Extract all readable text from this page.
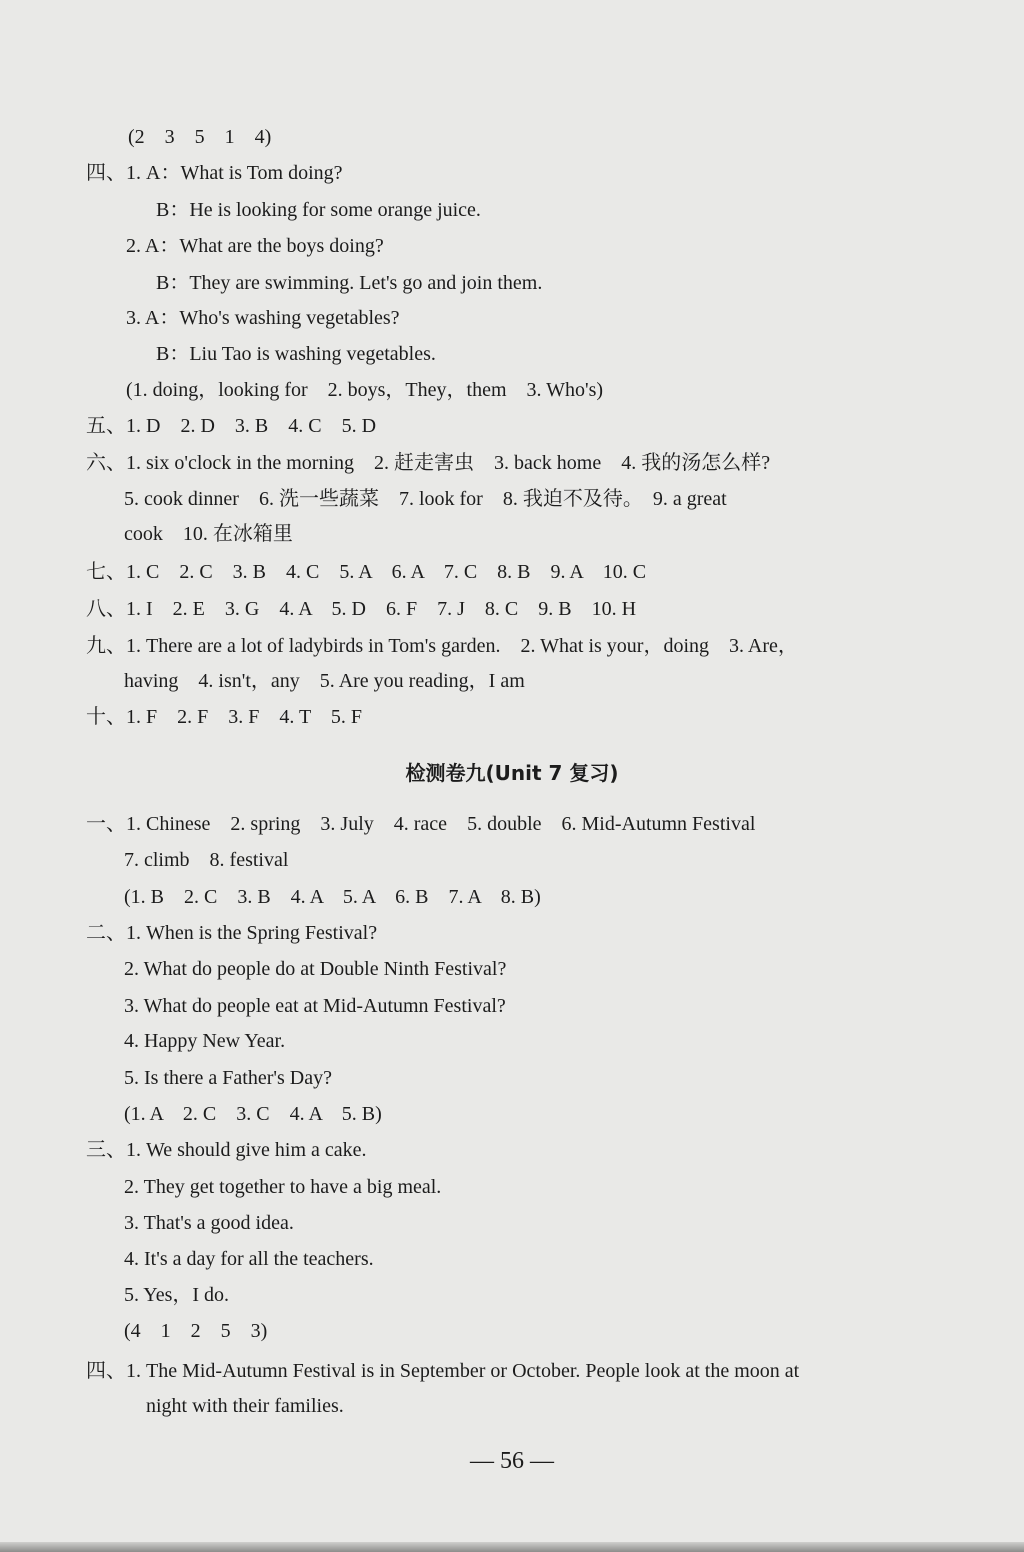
(2　3　5　1　4)
四、1. A：What is Tom doing?
B：He is looking for some orange juice.
2. A：What are the boys doing?
B：They are swimming. Let's go and join them.
3. A：Who's washing vegetables?
B：Liu Tao is washing vegetables.
(1. doing，looking for　2. boys，They，them　3. Who's)
五、1. D　2. D　3. B　4. C　5. D
六、1. six o'clock in the morning　2. 赶走害虫　3. back home　4. 我的汤怎么样?
5. cook dinner　6. 洗一些蔬菜　7. look for　8. 我迫不及待。　9. a great
cook　10. 在冰箱里
七、1. C　2. C　3. B　4. C　5. A　6. A　7. C　8. B　9. A　10. C
八、1. I　2. E　3. G　4. A　5. D　6. F　7. J　8. C　9. B　10. H
九、1. There are a lot of ladybirds in Tom's garden.　2. What is your，doing　3. Are，
having　4. isn't，any　5. Are you reading，I am
十、1. F　2. F　3. F　4. T　5. F
检测卷九(Unit 7 复习)
一、1. Chinese　2. spring　3. July　4. race　5. double　6. Mid-Autumn Festival
7. climb　8. festival
(1. B　2. C　3. B　4. A　5. A　6. B　7. A　8. B)
二、1. When is the Spring Festival?
2. What do people do at Double Ninth Festival?
3. What do people eat at Mid-Autumn Festival?
4. Happy New Year.
5. Is there a Father's Day?
(1. A　2. C　3. C　4. A　5. B)
三、1. We should give him a cake.
2. They get together to have a big meal.
3. That's a good idea.
4. It's a day for all the teachers.
5. Yes，I do.
(4　1　2　5　3)
四、1. The Mid-Autumn Festival is in September or October. People look at the moon at
night with their families.
— 56 —
